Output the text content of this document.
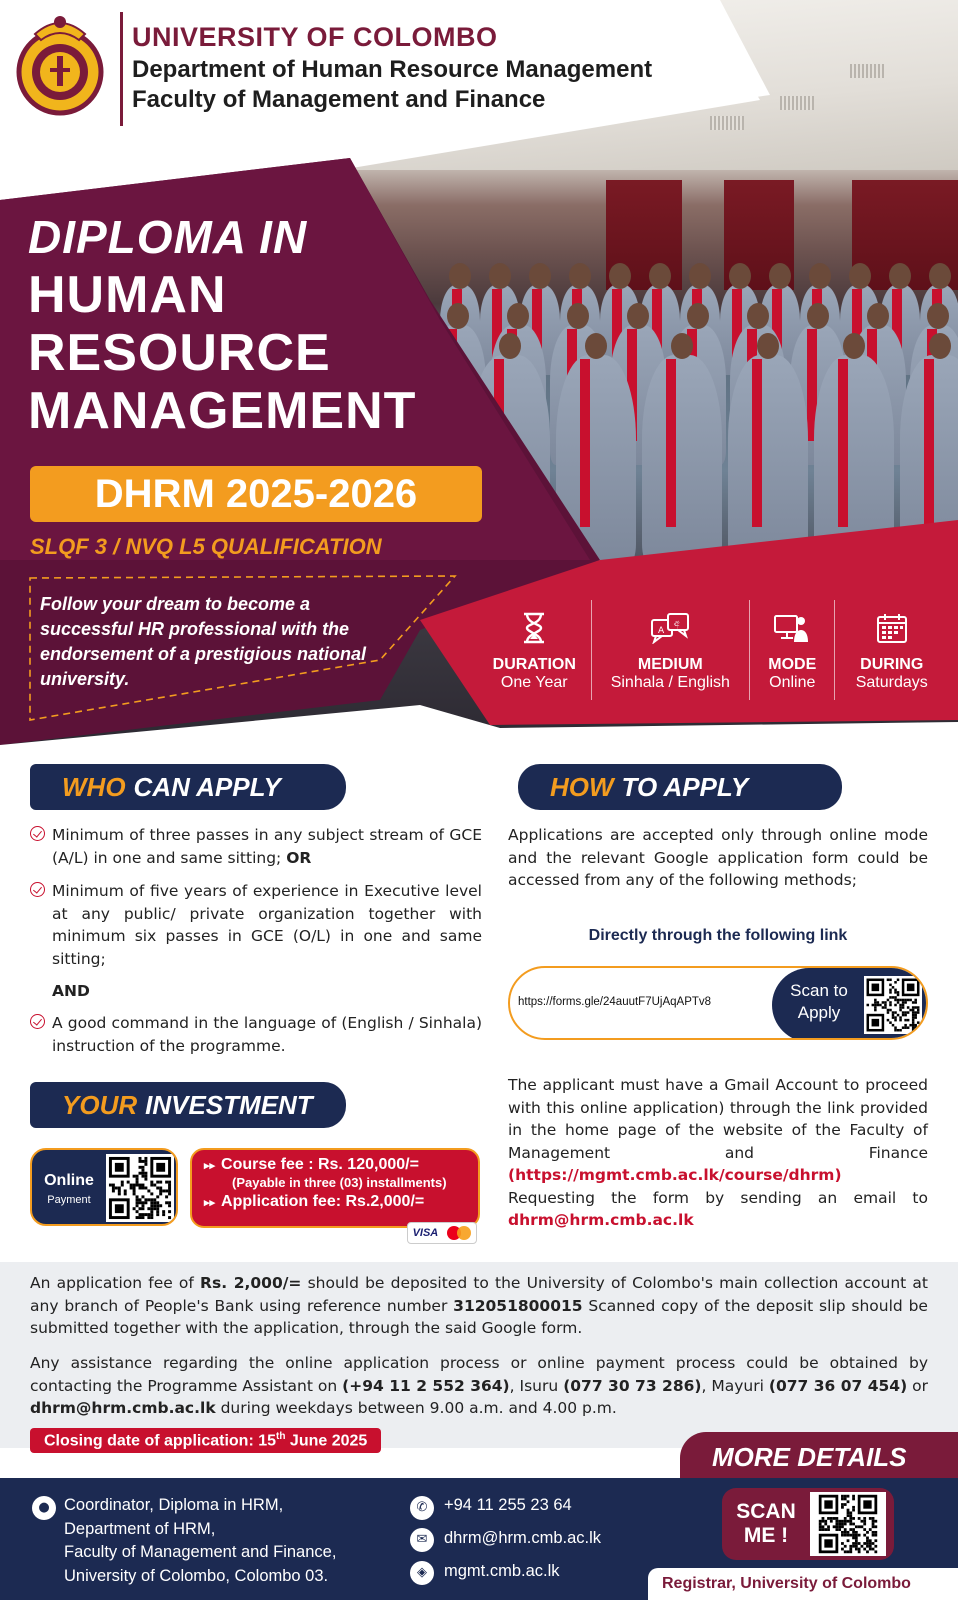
UNIVERSITY OF COLOMBO
Department of Human Resource Management
Faculty of Management and Finance
DIPLOMA IN
HUMAN
RESOURCE
MANAGEMENT
DHRM 2025-2026
SLQF 3 / NVQ L5 QUALIFICATION
Follow your dream to become a successful HR professional with the endorsement of a prestigious national university.
DURATION
One Year
A
අ
MEDIUM
Sinhala / English
MODE
Online
DURING
Saturdays
WHO CAN APPLY
Minimum of three passes in any subject stream of GCE (A/L) in one and same sitting; OR
Minimum of five years of experience in Executive level at any public/ private organization together with minimum six passes in GCE (O/L) in one and same sitting;
AND
A good command in the language of (English / Sinhala) instruction of the programme.
HOW TO APPLY
Applications are accepted only through online mode and the relevant Google application form could be accessed from any of the following methods;
Directly through the following link
https://forms.gle/24auutF7UjAqAPTv8
Scan to
Apply
The applicant must have a Gmail Account to proceed with this online application) through the link provided in the home page of the website of the Faculty of Management and Finance (https://mgmt.cmb.ac.lk/course/dhrm) Requesting the form by sending an email to dhrm@hrm.cmb.ac.lk
YOUR INVESTMENT
Online
Payment
▸▸ Course fee : Rs. 120,000/=
(Payable in three (03) installments)
▸▸ Application fee: Rs.2,000/=
VISA
An application fee of Rs. 2,000/= should be deposited to the University of Colombo's main collection account at any branch of People's Bank using reference number 312051800015 Scanned copy of the deposit slip should be submitted together with the application, through the said Google form.
Any assistance regarding the online application process or online payment process could be obtained by contacting the Programme Assistant on (+94 11 2 552 364), Isuru (077 30 73 286), Mayuri (077 36 07 454) or dhrm@hrm.cmb.ac.lk during weekdays between 9.00 a.m. and 4.00 p.m.
Closing date of application: 15th June 2025
MORE DETAILS
● Coordinator, Diploma in HRM,
Department of HRM,
Faculty of Management and Finance,
University of Colombo, Colombo 03.
✆	+94 11 255 23 64
✉	dhrm@hrm.cmb.ac.lk
◈	mgmt.cmb.ac.lk
SCAN
ME !
Registrar, University of Colombo
